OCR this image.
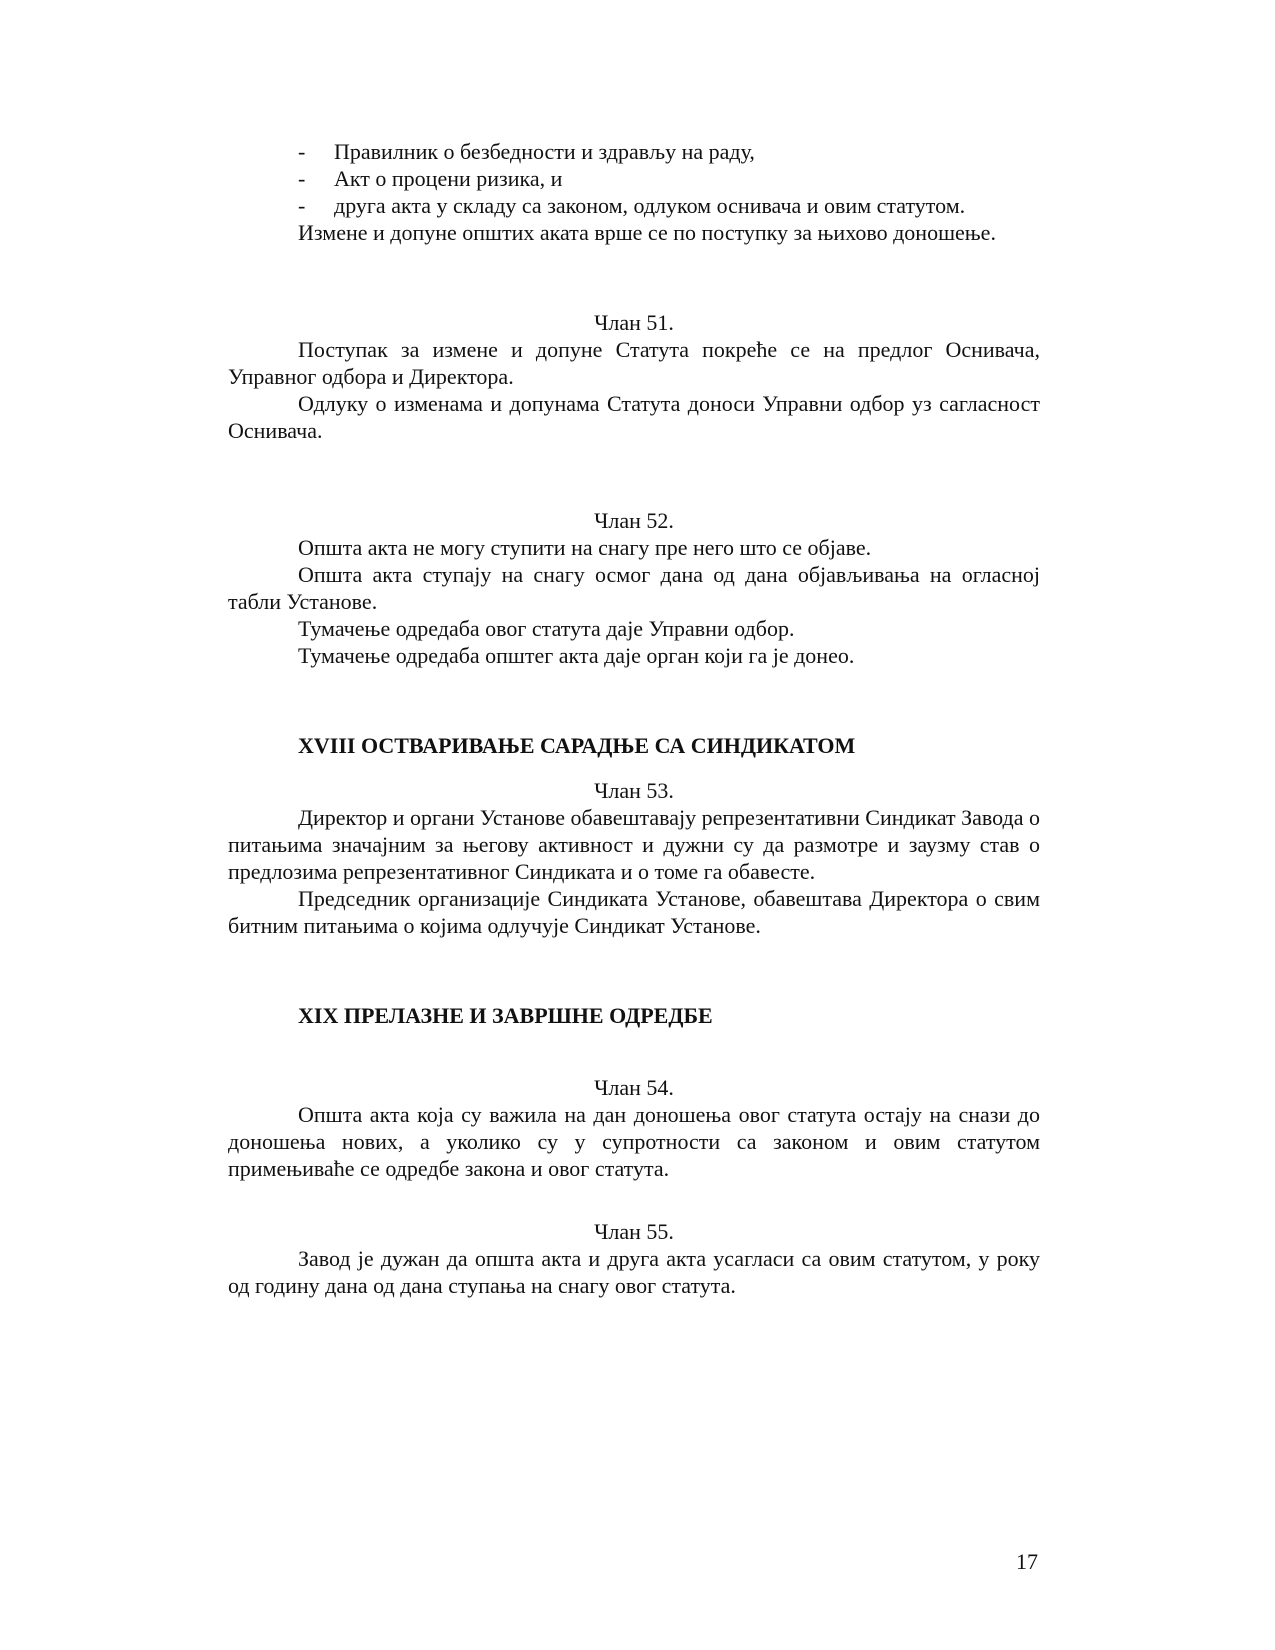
- Правилник о безбедности и здрављу на раду,
- Акт о процени ризика, и
- друга акта у складу са законом, одлуком оснивача и овим статутом.

Измене и допуне општих аката врше се по поступку за њихово доношење.

Члан 51.

Поступак за измене и допуне Статута покреће се на предлог Оснивача, Управног одбора и Директора.

Одлуку о изменама и допунама Статута доноси Управни одбор уз сагласност Оснивача.

Члан 52.

Општа акта не могу ступити на снагу пре него што се објаве.

Општа акта ступају на снагу осмог дана од дана објављивања на огласној табли Установе.

Тумачење одредаба овог статута даје Управни одбор.

Тумачење одредаба општег акта даје орган који га је донео.

XVIII ОСТВАРИВАЊЕ САРАДЊЕ СА СИНДИКАТОМ
Члан 53.

Директор и органи Установе обавештавају репрезентативни Синдикат Завода о питањима значајним за његову активност и дужни су да размотре и заузму став о предлозима репрезентативног Синдиката и о томе га обавесте.

Председник организације Синдиката Установе, обавештава Директора о свим битним питањима о којима одлучује Синдикат Установе.

XIX ПРЕЛАЗНЕ И ЗАВРШНЕ ОДРЕДБЕ
Члан 54.

Општа акта која су важила на дан доношења овог статута остају на снази до доношења нових, а уколико су у супротности са законом и овим статутом примењиваће се одредбе закона и овог статута.

Члан 55.

Завод је дужан да општа акта и друга акта усагласи са овим статутом, у року од годину дана од дана ступања на снагу овог статута.

17
